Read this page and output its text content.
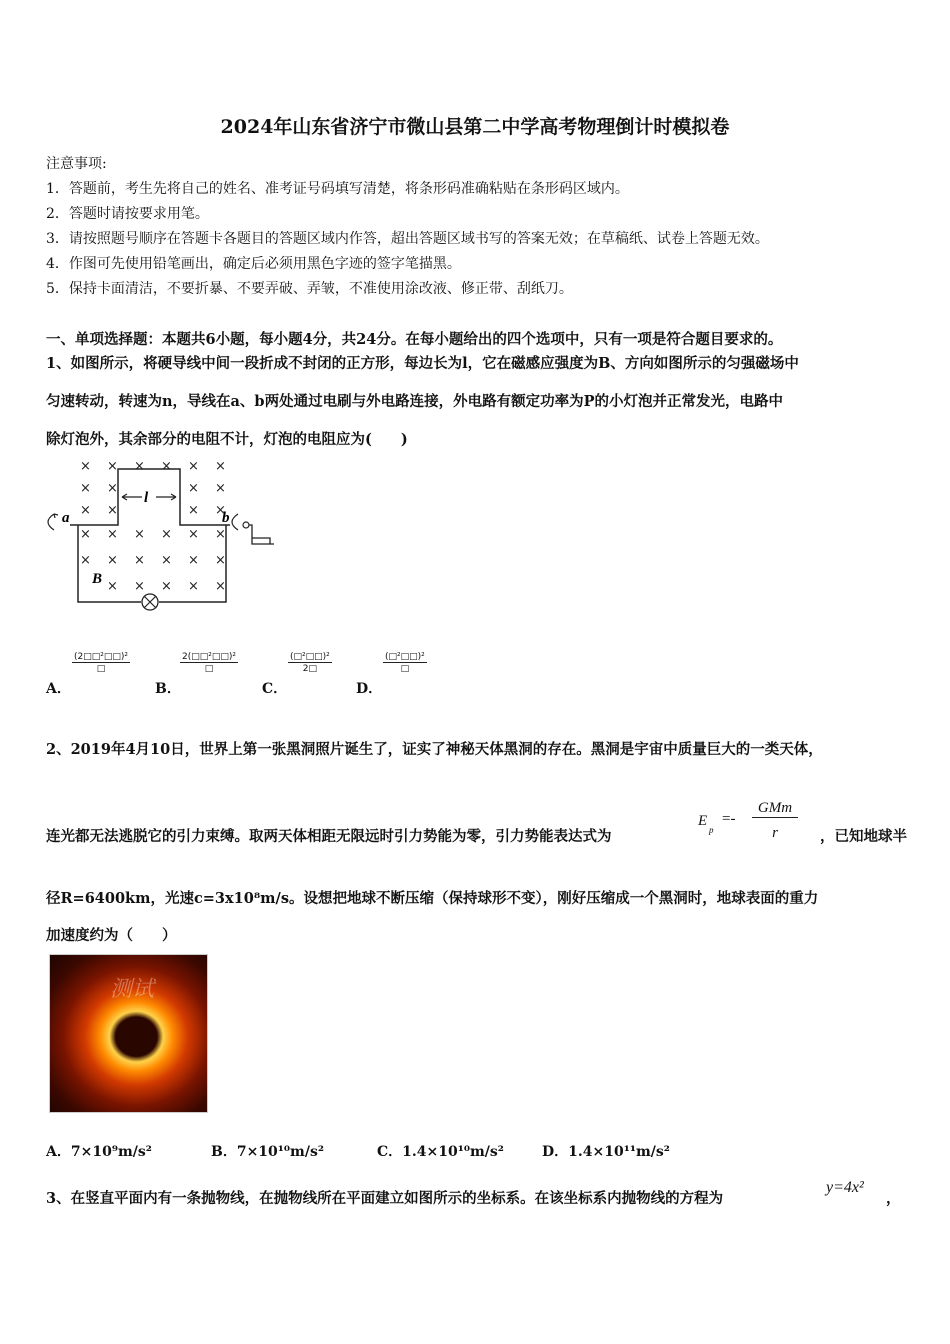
2024年山东省济宁市微山县第二中学高考物理倒计时模拟卷
注意事项:
1．答题前，考生先将自己的姓名、准考证号码填写清楚，将条形码准确粘贴在条形码区域内。
2．答题时请按要求用笔。
3．请按照题号顺序在答题卡各题目的答题区域内作答，超出答题区域书写的答案无效；在草稿纸、试卷上答题无效。
4．作图可先使用铅笔画出，确定后必须用黑色字迹的签字笔描黑。
5．保持卡面清洁，不要折暴、不要弄破、弄皱，不准使用涂改液、修正带、刮纸刀。
一、单项选择题：本题共6小题，每小题4分，共24分。在每小题给出的四个选项中，只有一项是符合题目要求的。
1、如图所示，将硬导线中间一段折成不封闭的正方形，每边长为l，它在磁感应强度为B、方向如图所示的匀强磁场中
匀速转动，转速为n，导线在a、b两处通过电刷与外电路连接，外电路有额定功率为P的小灯泡并正常发光，电路中
除灯泡外，其余部分的电阻不计，灯泡的电阻应为(　　)
× × × × × ×
× ×	× ×
× ×	× ×
× × × × × ×
× × × × × ×
× × × × ×
l
a	b
B
A．
(2□□²□□)²
□
B．
2(□□²□□)²
□
C．
(□²□□)²
2□
D．
(□²□□)²
□
2、2019年4月10日，世界上第一张黑洞照片诞生了，证实了神秘天体黑洞的存在。黑洞是宇宙中质量巨大的一类天体，
连光都无法逃脱它的引力束缚。取两天体相距无限远时引力势能为零，引力势能表达式为
E
p
=-
GMm
r	，已知地球半
径R=6400km，光速c=3x10⁸m/s。设想把地球不断压缩（保持球形不变），刚好压缩成一个黑洞时，地球表面的重力
加速度约为（　　）
测试
A．7×10⁹m/s²	B．7×10¹⁰m/s²	C．1.4×10¹⁰m/s²	D．1.4×10¹¹m/s²
3、在竖直平面内有一条抛物线，在抛物线所在平面建立如图所示的坐标系。在该坐标系内抛物线的方程为
y=4x²
，
